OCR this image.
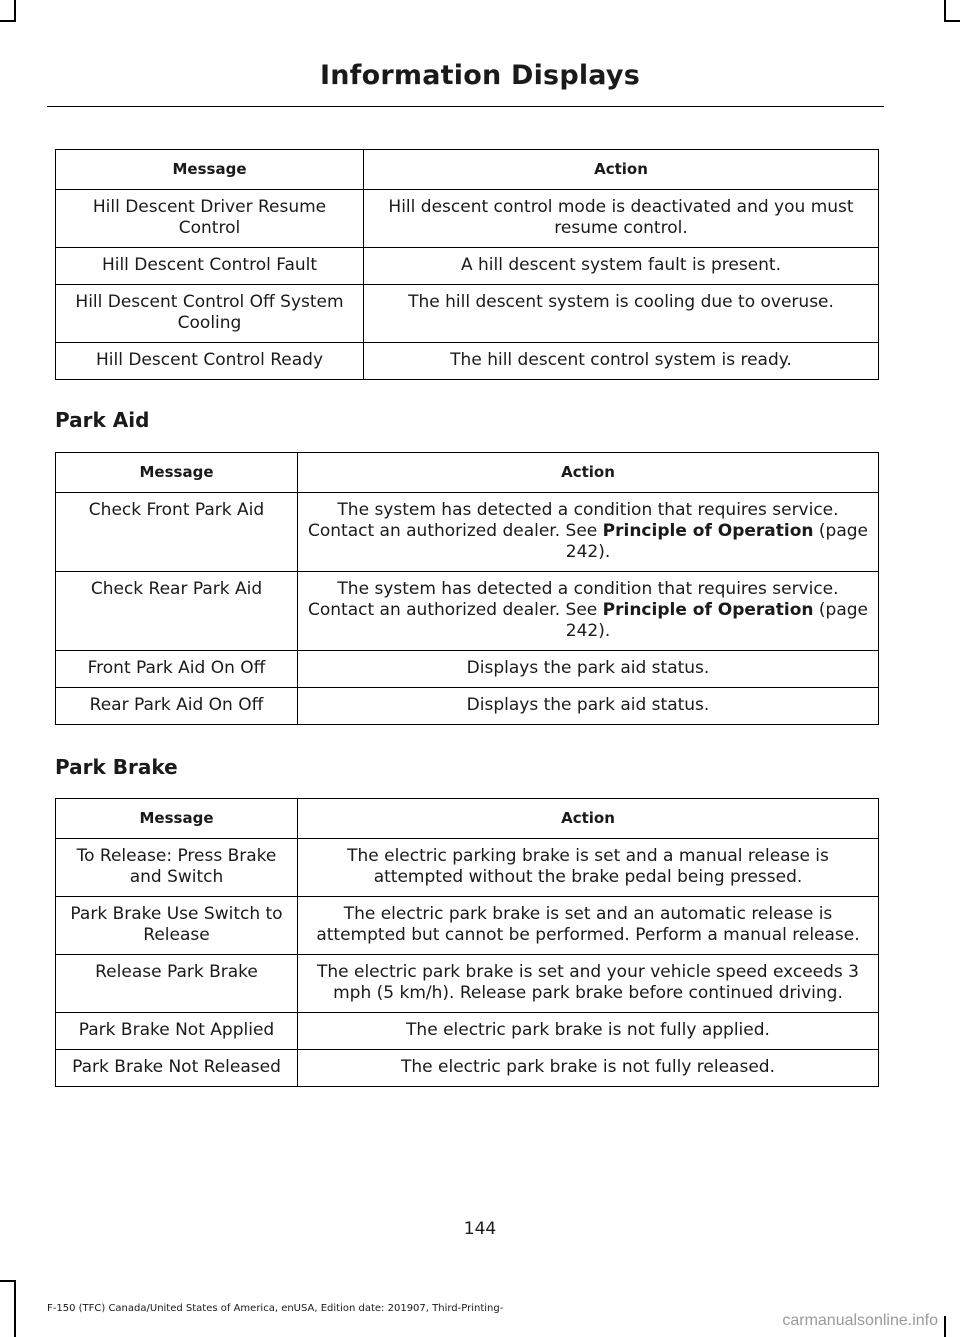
Information Displays
Message	Action
Hill Descent Driver Resume Control	Hill descent control mode is deactivated and you must resume control.
Hill Descent Control Fault	A hill descent system fault is present.
Hill Descent Control Off System Cooling	The hill descent system is cooling due to overuse.
Hill Descent Control Ready	The hill descent control system is ready.
Park Aid
Message	Action
Check Front Park Aid	The system has detected a condition that requires service. Contact an authorized dealer. See Principle of Operation (page 242).
Check Rear Park Aid	The system has detected a condition that requires service. Contact an authorized dealer. See Principle of Operation (page 242).
Front Park Aid On Off	Displays the park aid status.
Rear Park Aid On Off	Displays the park aid status.
Park Brake
Message	Action
To Release: Press Brake and Switch	The electric parking brake is set and a manual release is attempted without the brake pedal being pressed.
Park Brake Use Switch to Release	The electric park brake is set and an automatic release is attempted but cannot be performed. Perform a manual release.
Release Park Brake	The electric park brake is set and your vehicle speed exceeds 3 mph (5 km/h). Release park brake before continued driving.
Park Brake Not Applied	The electric park brake is not fully applied.
Park Brake Not Released	The electric park brake is not fully released.
144
F-150 (TFC) Canada/United States of America, enUSA, Edition date: 201907, Third-Printing-
carmanualsonline.info
